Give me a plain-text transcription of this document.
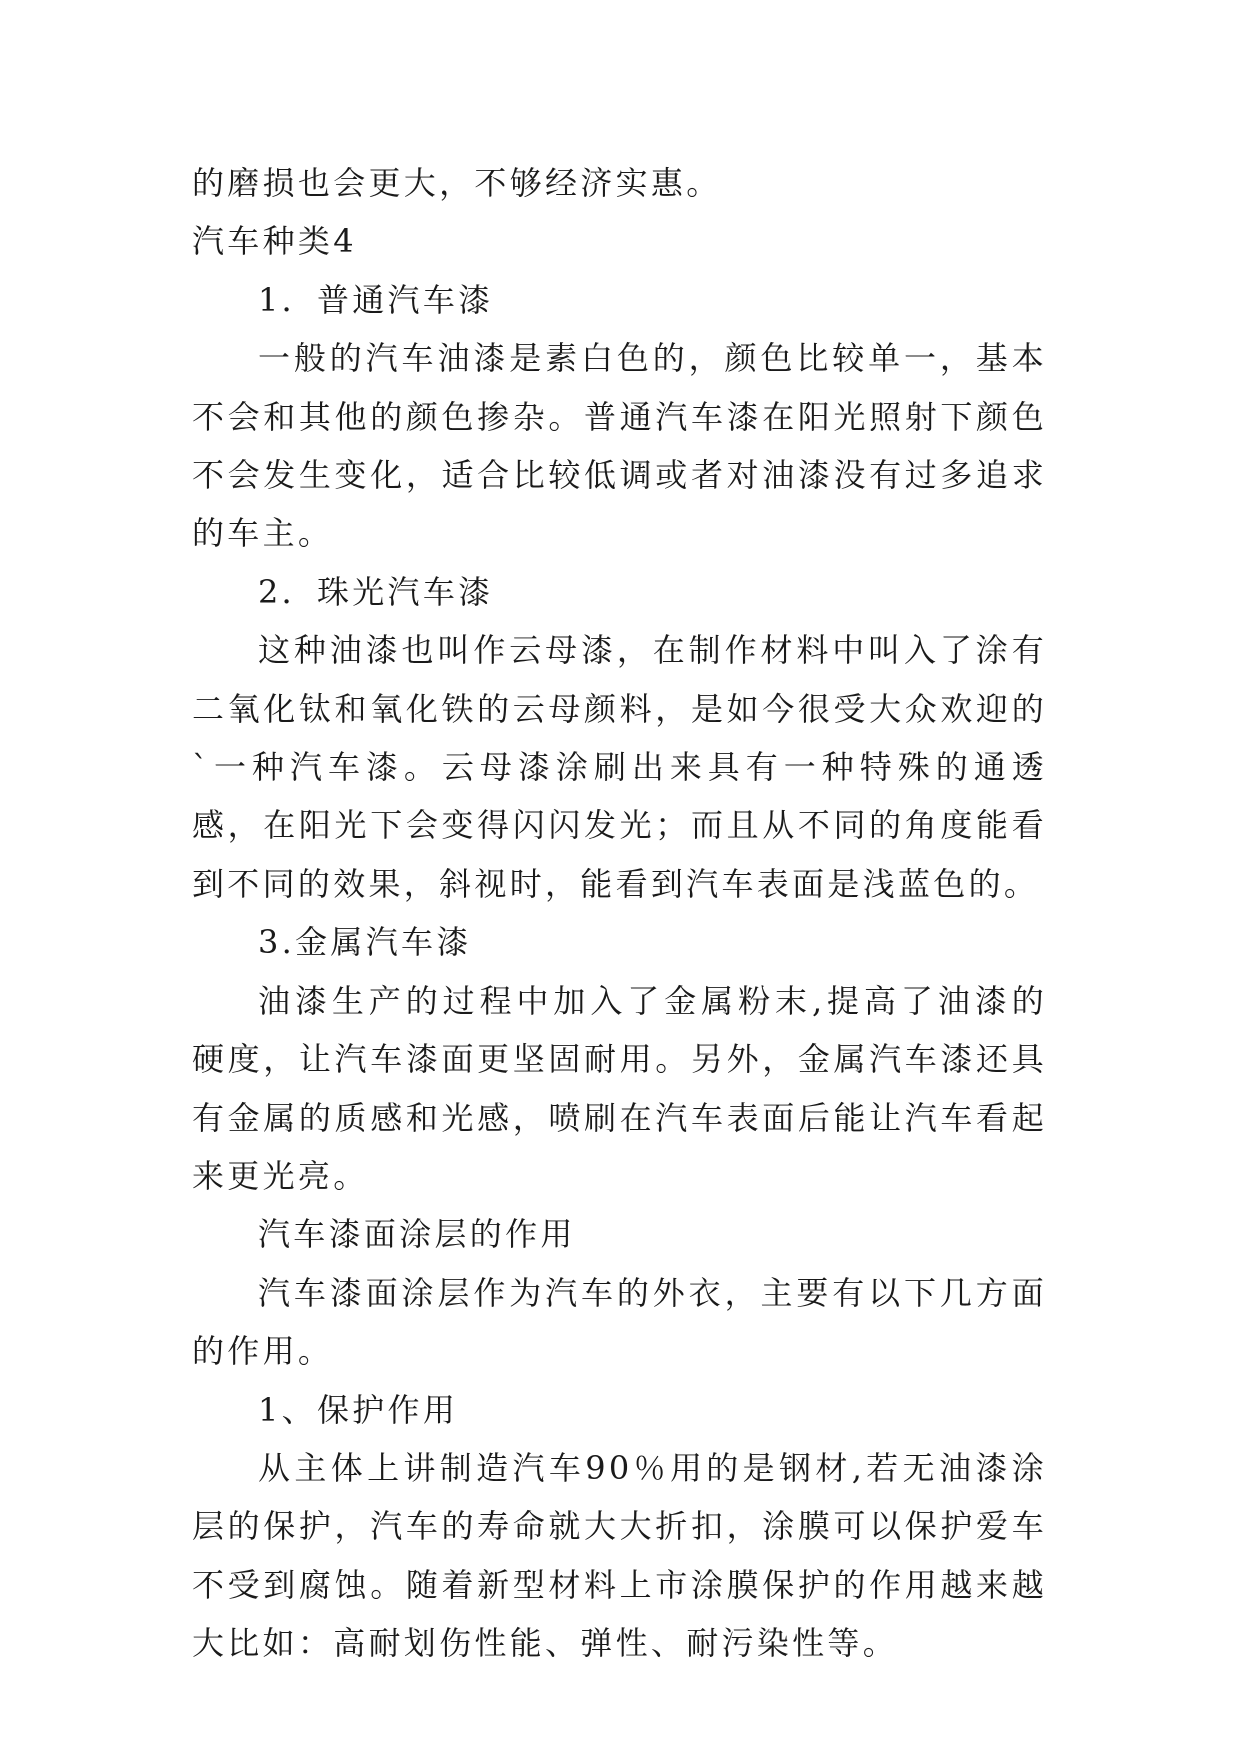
的磨损也会更大，不够经济实惠。

汽车种类4

1．普通汽车漆

一般的汽车油漆是素白色的，颜色比较单一，基本不会和其他的颜色掺杂。普通汽车漆在阳光照射下颜色不会发生变化，适合比较低调或者对油漆没有过多追求的车主。

2．珠光汽车漆

这种油漆也叫作云母漆，在制作材料中叫入了涂有二氧化钛和氧化铁的云母颜料，是如今很受大众欢迎的`一种汽车漆。云母漆涂刷出来具有一种特殊的通透感，在阳光下会变得闪闪发光；而且从不同的角度能看到不同的效果，斜视时，能看到汽车表面是浅蓝色的。

3.金属汽车漆

油漆生产的过程中加入了金属粉末,提高了油漆的硬度，让汽车漆面更坚固耐用。另外，金属汽车漆还具有金属的质感和光感，喷刷在汽车表面后能让汽车看起来更光亮。

汽车漆面涂层的作用

汽车漆面涂层作为汽车的外衣，主要有以下几方面的作用。

1、保护作用

从主体上讲制造汽车90％用的是钢材,若无油漆涂层的保护，汽车的寿命就大大折扣，涂膜可以保护爱车不受到腐蚀。随着新型材料上市涂膜保护的作用越来越大比如：高耐划伤性能、弹性、耐污染性等。
